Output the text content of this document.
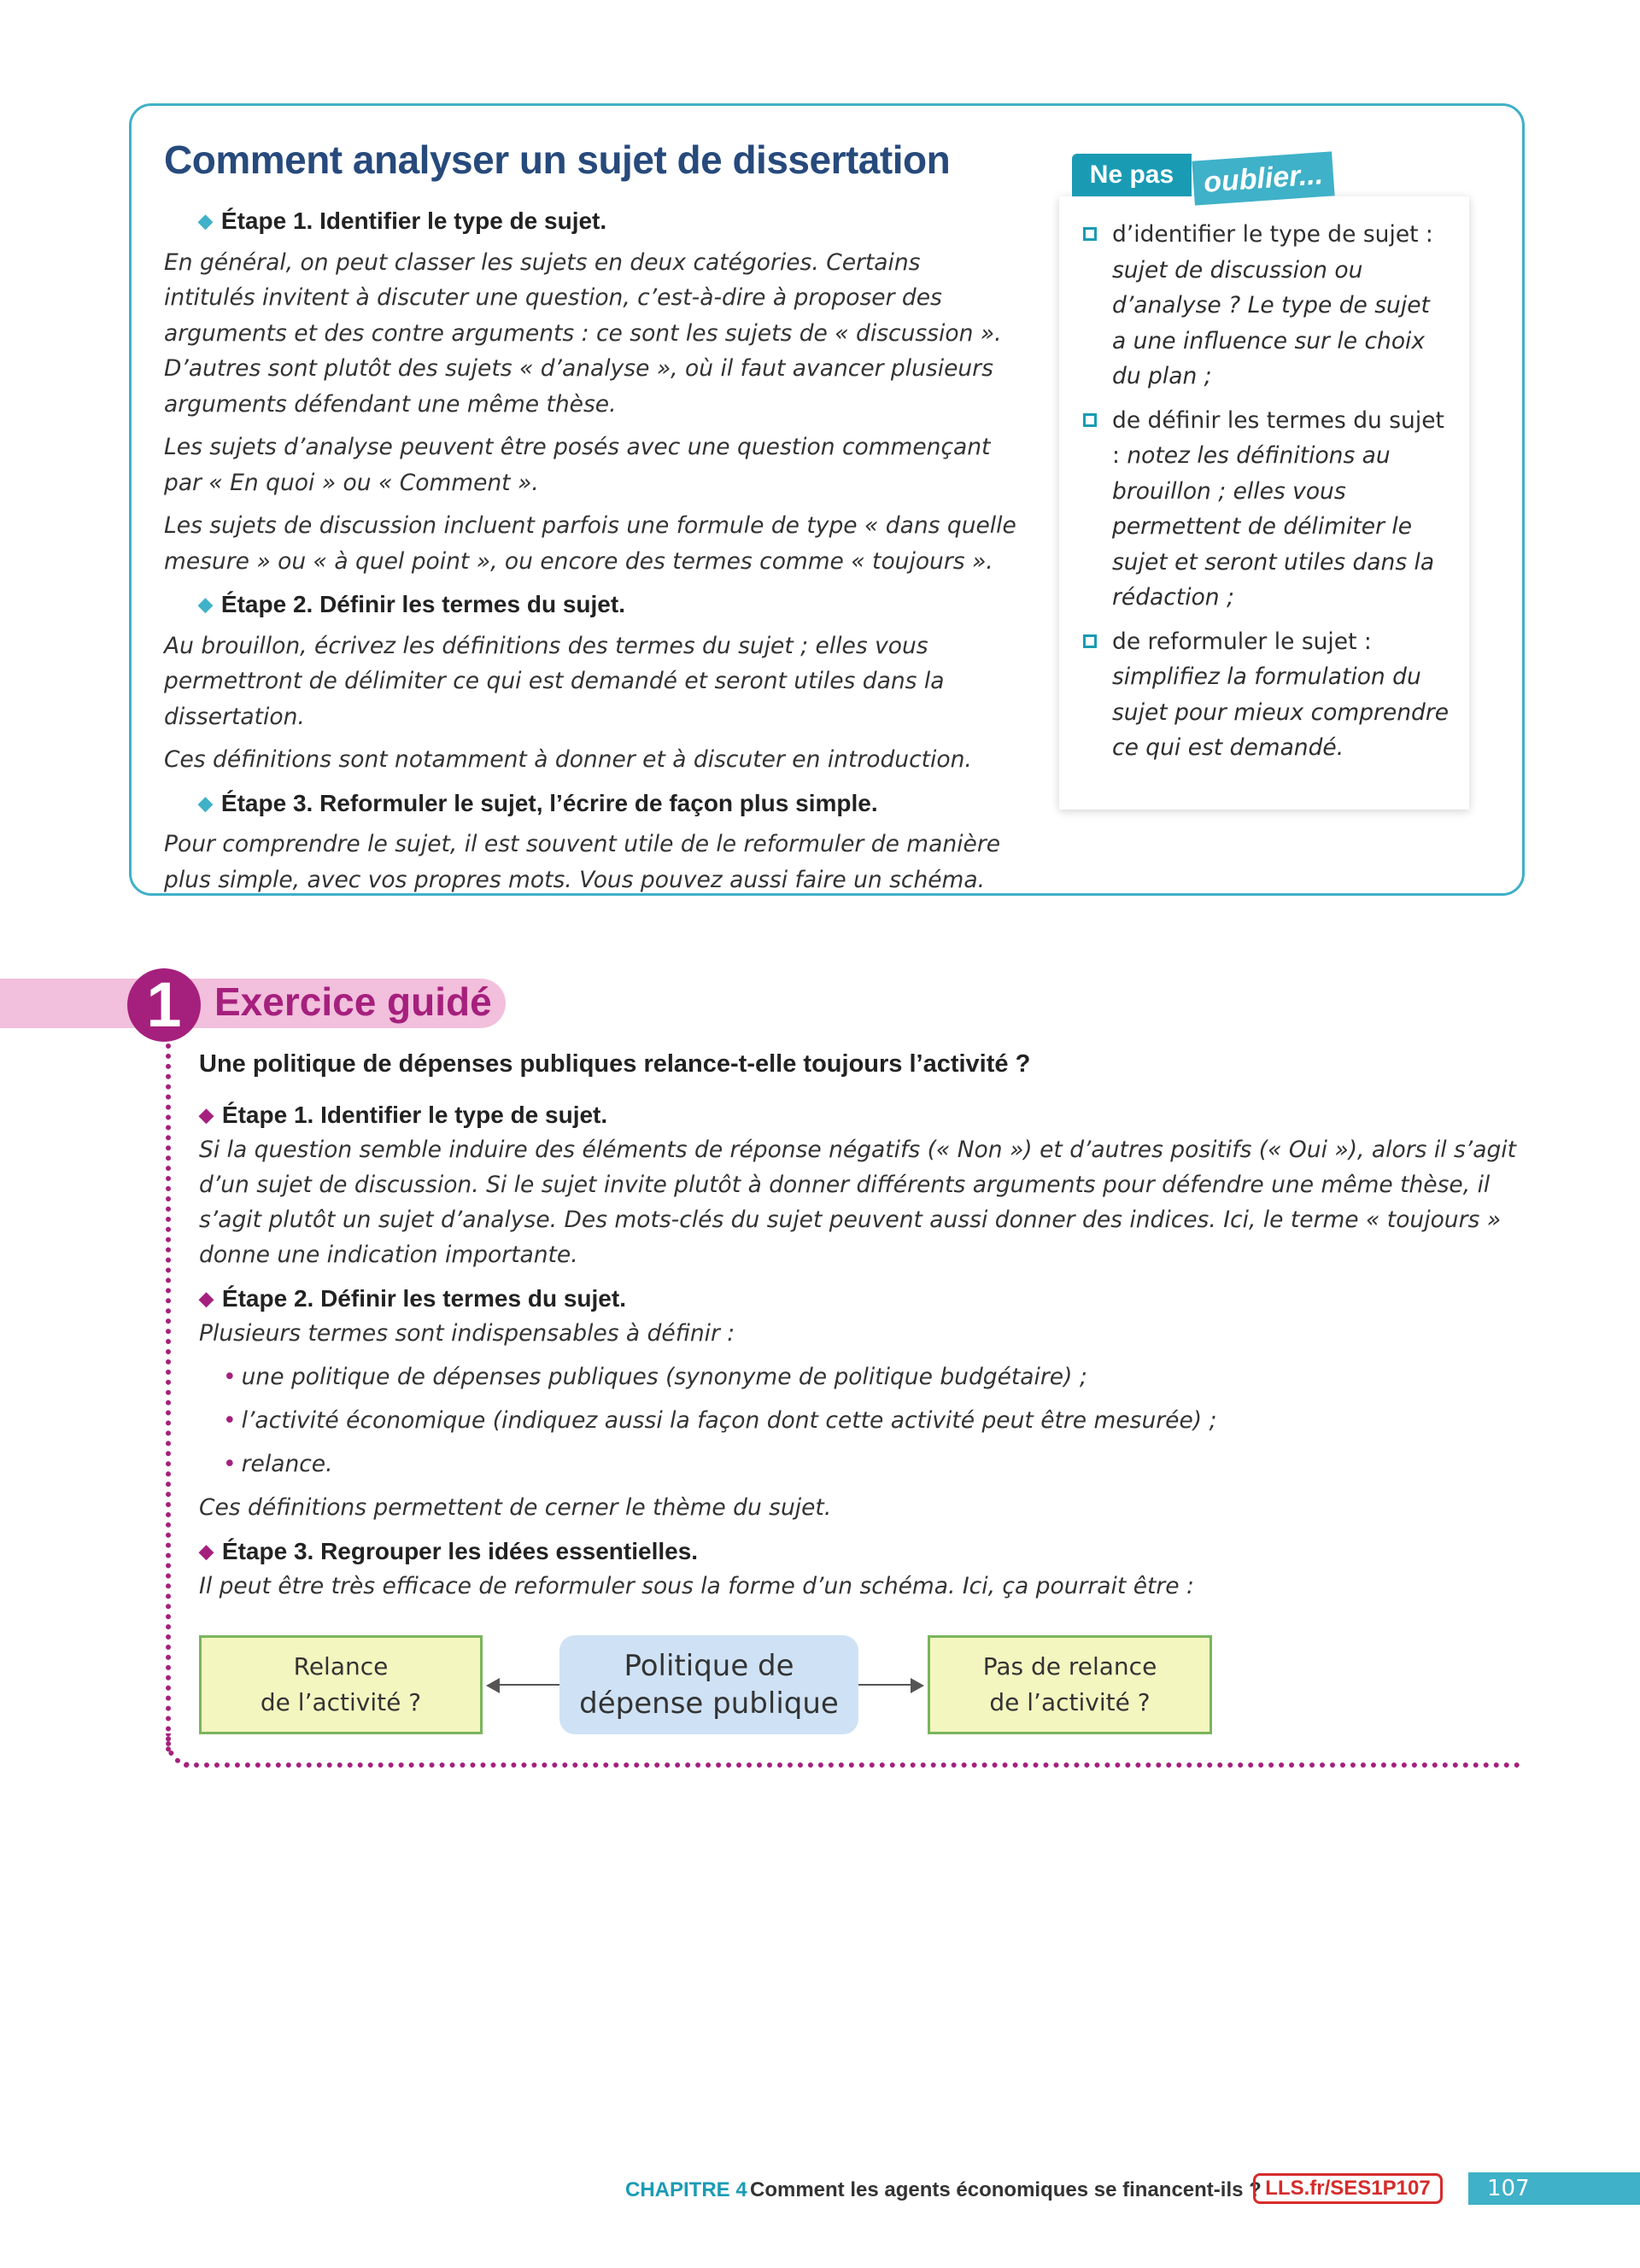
Comment analyser un sujet de dissertation
◆ Étape 1. Identifier le type de sujet.

En général, on peut classer les sujets en deux catégories. Certains intitulés invitent à discuter une question, c’est-à-dire à proposer des arguments et des contre arguments : ce sont les sujets de « discussion ». D’autres sont plutôt des sujets « d’analyse », où il faut avancer plusieurs arguments défendant une même thèse.

Les sujets d’analyse peuvent être posés avec une question commençant par « En quoi » ou « Comment ».

Les sujets de discussion incluent parfois une formule de type « dans quelle mesure » ou « à quel point », ou encore des termes comme « toujours ».

◆ Étape 2. Définir les termes du sujet.

Au brouillon, écrivez les définitions des termes du sujet ; elles vous permettront de délimiter ce qui est demandé et seront utiles dans la dissertation.

Ces définitions sont notamment à donner et à discuter en introduction.

◆ Étape 3. Reformuler le sujet, l’écrire de façon plus simple.

Pour comprendre le sujet, il est souvent utile de le reformuler de manière plus simple, avec vos propres mots. Vous pouvez aussi faire un schéma.

d’identifier le type de sujet : sujet de discussion ou d’analyse ? Le type de sujet a une influence sur le choix du plan ;
de définir les termes du sujet : notez les définitions au brouillon ; elles vous permettent de délimiter le sujet et seront utiles dans la rédaction ;
de reformuler le sujet : simplifiez la formulation du sujet pour mieux comprendre ce qui est demandé.
Ne pas oublier...
1 Exercice guidé

Une politique de dépenses publiques relance-t-elle toujours l’activité ?

◆ Étape 1. Identifier le type de sujet.

Si la question semble induire des éléments de réponse négatifs (« Non ») et d’autres positifs (« Oui »), alors il s’agit d’un sujet de discussion. Si le sujet invite plutôt à donner différents arguments pour défendre une même thèse, il s’agit plutôt un sujet d’analyse. Des mots-clés du sujet peuvent aussi donner des indices. Ici, le terme « toujours » donne une indication importante.

◆ Étape 2. Définir les termes du sujet.

Plusieurs termes sont indispensables à définir :

• une politique de dépenses publiques (synonyme de politique budgétaire) ;
• l’activité économique (indiquez aussi la façon dont cette activité peut être mesurée) ;
• relance.

Ces définitions permettent de cerner le thème du sujet.

◆ Étape 3. Regrouper les idées essentielles.

Il peut être très efficace de reformuler sous la forme d’un schéma. Ici, ça pourrait être :

Relance
de l’activité ?
Politique de
dépense publique
Pas de relance
de l’activité ?
CHAPITRE 4 Comment les agents économiques se financent-ils ? LLS.fr/SES1P107	107
